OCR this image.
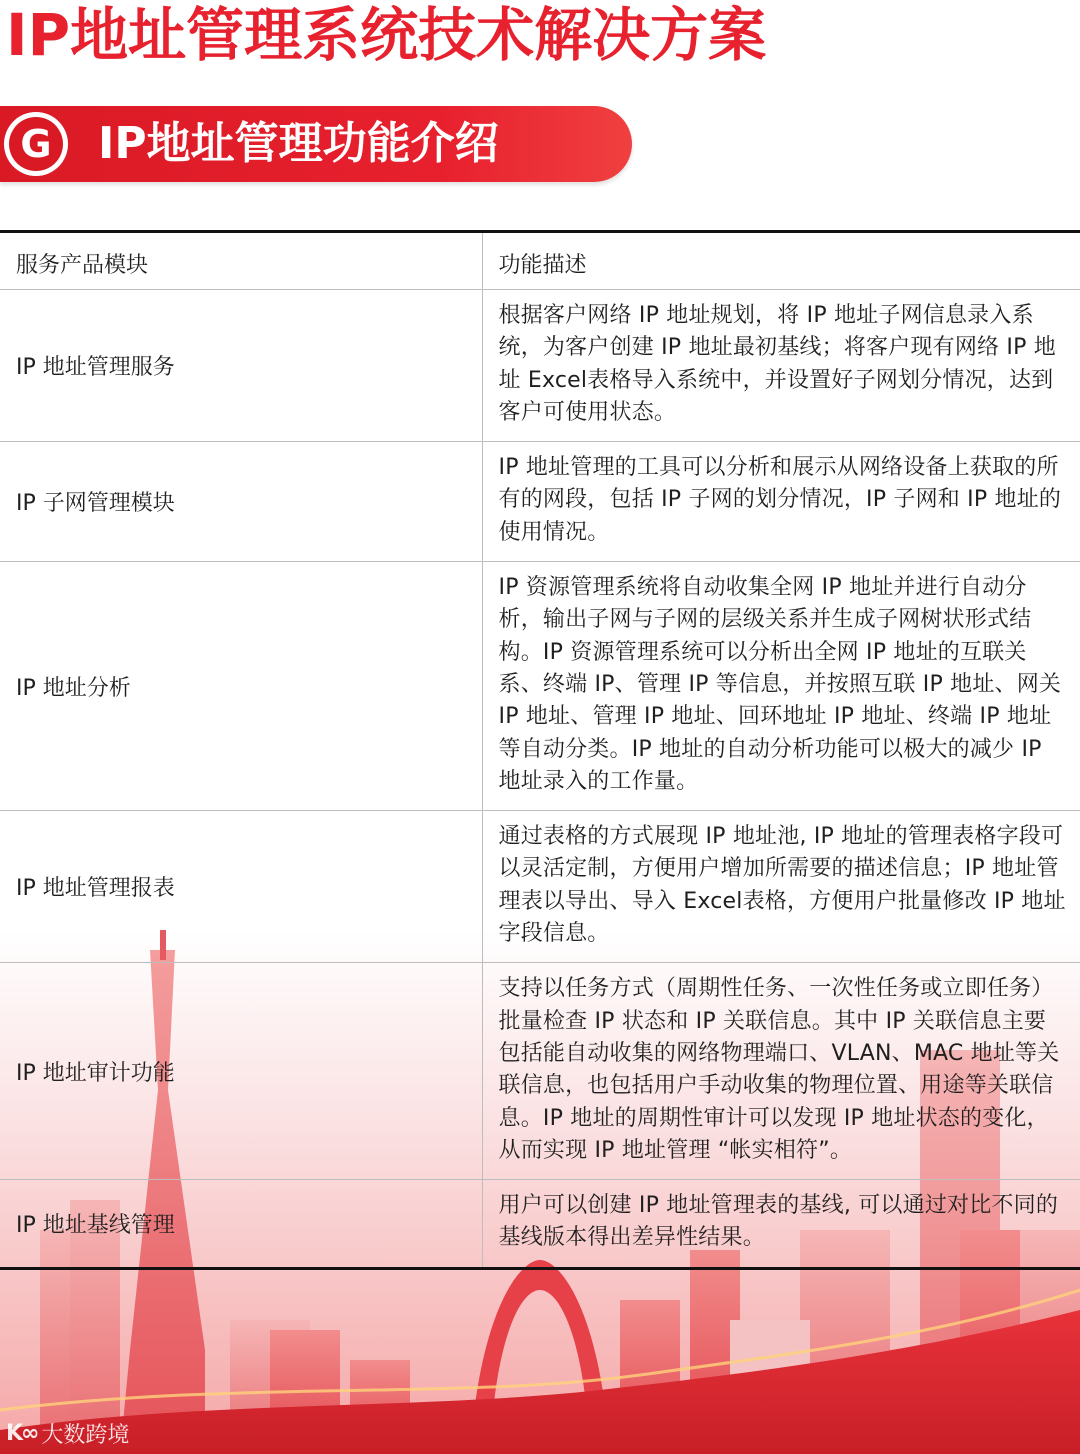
IP地址管理系统技术解决方案
G IP地址管理功能介绍
服务产品模块	功能描述
IP 地址管理服务	根据客户网络 IP 地址规划，将 IP 地址子网信息录入系统，为客户创建 IP 地址最初基线；将客户现有网络 IP 地址 Excel表格导入系统中，并设置好子网划分情况，达到客户可使用状态。
IP 子网管理模块	IP 地址管理的工具可以分析和展示从网络设备上获取的所有的网段，包括 IP 子网的划分情况，IP 子网和 IP 地址的使用情况。
IP 地址分析	IP 资源管理系统将自动收集全网 IP 地址并进行自动分析，输出子网与子网的层级关系并生成子网树状形式结构。IP 资源管理系统可以分析出全网 IP 地址的互联关系、终端 IP、管理 IP 等信息，并按照互联 IP 地址、网关 IP 地址、管理 IP 地址、回环地址 IP 地址、终端 IP 地址等自动分类。IP 地址的自动分析功能可以极大的减少 IP 地址录入的工作量。
IP 地址管理报表	通过表格的方式展现 IP 地址池, IP 地址的管理表格字段可以灵活定制，方便用户增加所需要的描述信息；IP 地址管理表以导出、导入 Excel表格，方便用户批量修改 IP 地址字段信息。
IP 地址审计功能	支持以任务方式（周期性任务、一次性任务或立即任务）批量检查 IP 状态和 IP 关联信息。其中 IP 关联信息主要包括能自动收集的网络物理端口、VLAN、MAC 地址等关联信息，也包括用户手动收集的物理位置、用途等关联信息。IP 地址的周期性审计可以发现 IP 地址状态的变化，从而实现 IP 地址管理 “帐实相符”。
IP 地址基线管理	用户可以创建 IP 地址管理表的基线, 可以通过对比不同的基线版本得出差异性结果。
K∞ 大数跨境
